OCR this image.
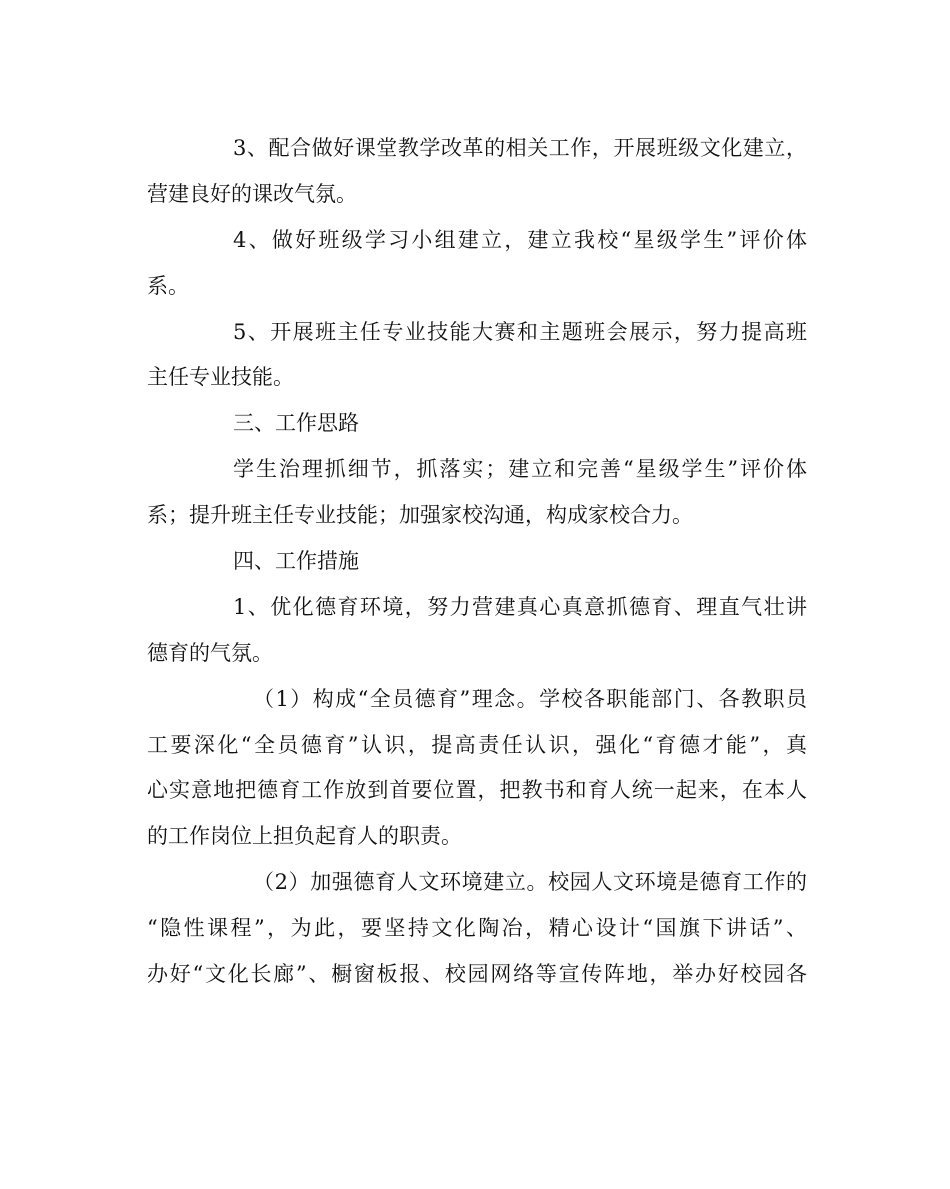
3、配合做好课堂教学改革的相关工作，开展班级文化建立，
营建良好的课改气氛。
4、做好班级学习小组建立，建立我校“星级学生”评价体
系。
5、开展班主任专业技能大赛和主题班会展示，努力提高班
主任专业技能。
三、工作思路
学生治理抓细节，抓落实；建立和完善“星级学生”评价体
系；提升班主任专业技能；加强家校沟通，构成家校合力。
四、工作措施
1、优化德育环境，努力营建真心真意抓德育、理直气壮讲
德育的气氛。
（1）构成“全员德育”理念。学校各职能部门、各教职员
工要深化“全员德育”认识，提高责任认识，强化“育德才能”，真
心实意地把德育工作放到首要位置，把教书和育人统一起来，在本人
的工作岗位上担负起育人的职责。
（2）加强德育人文环境建立。校园人文环境是德育工作的
“隐性课程”，为此，要坚持文化陶冶，精心设计“国旗下讲话”、
办好“文化长廊”、橱窗板报、校园网络等宣传阵地，举办好校园各
